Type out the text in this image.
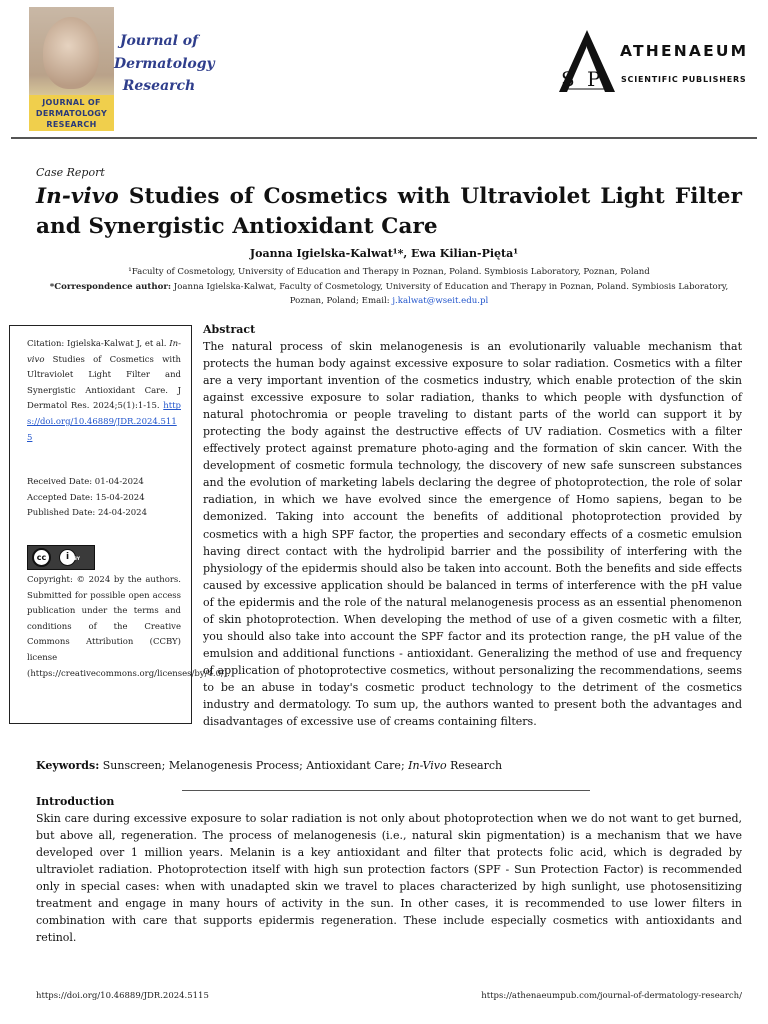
JOURNAL OF
DERMATOLOGY
RESEARCH
Journal of
Dermatology
Research	S P
ATHENAEUM
SCIENTIFIC PUBLISHERS
Case Report
In-vivo Studies of Cosmetics with Ultraviolet Light Filter and Synergistic Antioxidant Care
Joanna Igielska-Kalwat¹*, Ewa Kilian-Pięta¹
¹Faculty of Cosmetology, University of Education and Therapy in Poznan, Poland. Symbiosis Laboratory, Poznan, Poland
*Correspondence author: Joanna Igielska-Kalwat, Faculty of Cosmetology, University of Education and Therapy in Poznan, Poland. Symbiosis Laboratory, Poznan, Poland; Email: j.kalwat@wseit.edu.pl
Citation: Igielska-Kalwat J, et al. In-vivo Studies of Cosmetics with Ultraviolet Light Filter and Synergistic Antioxidant Care. J Dermatol Res. 2024;5(1):1-15. https://doi.org/10.46889/JDR.2024.5115
Received Date: 01-04-2024
Accepted Date: 15-04-2024
Published Date: 24-04-2024
cc	i	BY
Copyright: © 2024 by the authors. Submitted for possible open access publication under the terms and conditions of the Creative Commons Attribution (CCBY) license (https://creativecommons.org/licenses/by/4.0/).
Abstract
The natural process of skin melanogenesis is an evolutionarily valuable mechanism that protects the human body against excessive exposure to solar radiation. Cosmetics with a filter are a very important invention of the cosmetics industry, which enable protection of the skin against excessive exposure to solar radiation, thanks to which people with dysfunction of natural photochromia or people traveling to distant parts of the world can support it by protecting the body against the destructive effects of UV radiation. Cosmetics with a filter effectively protect against premature photo-aging and the formation of skin cancer. With the development of cosmetic formula technology, the discovery of new safe sunscreen substances and the evolution of marketing labels declaring the degree of photoprotection, the role of solar radiation, in which we have evolved since the emergence of Homo sapiens, began to be demonized. Taking into account the benefits of additional photoprotection provided by cosmetics with a high SPF factor, the properties and secondary effects of a cosmetic emulsion having direct contact with the hydrolipid barrier and the possibility of interfering with the physiology of the epidermis should also be taken into account. Both the benefits and side effects caused by excessive application should be balanced in terms of interference with the pH value of the epidermis and the role of the natural melanogenesis process as an essential phenomenon of skin photoprotection. When developing the method of use of a given cosmetic with a filter, you should also take into account the SPF factor and its protection range, the pH value of the emulsion and additional functions - antioxidant. Generalizing the method of use and frequency of application of photoprotective cosmetics, without personalizing the recommendations, seems to be an abuse in today's cosmetic product technology to the detriment of the cosmetics industry and dermatology. To sum up, the authors wanted to present both the advantages and disadvantages of excessive use of creams containing filters.
Keywords: Sunscreen; Melanogenesis Process; Antioxidant Care; In-Vivo Research
Introduction
Skin care during excessive exposure to solar radiation is not only about photoprotection when we do not want to get burned, but above all, regeneration. The process of melanogenesis (i.e., natural skin pigmentation) is a mechanism that we have developed over 1 million years. Melanin is a key antioxidant and filter that protects folic acid, which is degraded by ultraviolet radiation. Photoprotection itself with high sun protection factors (SPF - Sun Protection Factor) is recommended only in special cases: when with unadapted skin we travel to places characterized by high sunlight, use photosensitizing treatment and engage in many hours of activity in the sun. In other cases, it is recommended to use lower filters in combination with care that supports epidermis regeneration. These include especially cosmetics with antioxidants and retinol.
https://doi.org/10.46889/JDR.2024.5115	https://athenaeumpub.com/journal-of-dermatology-research/
